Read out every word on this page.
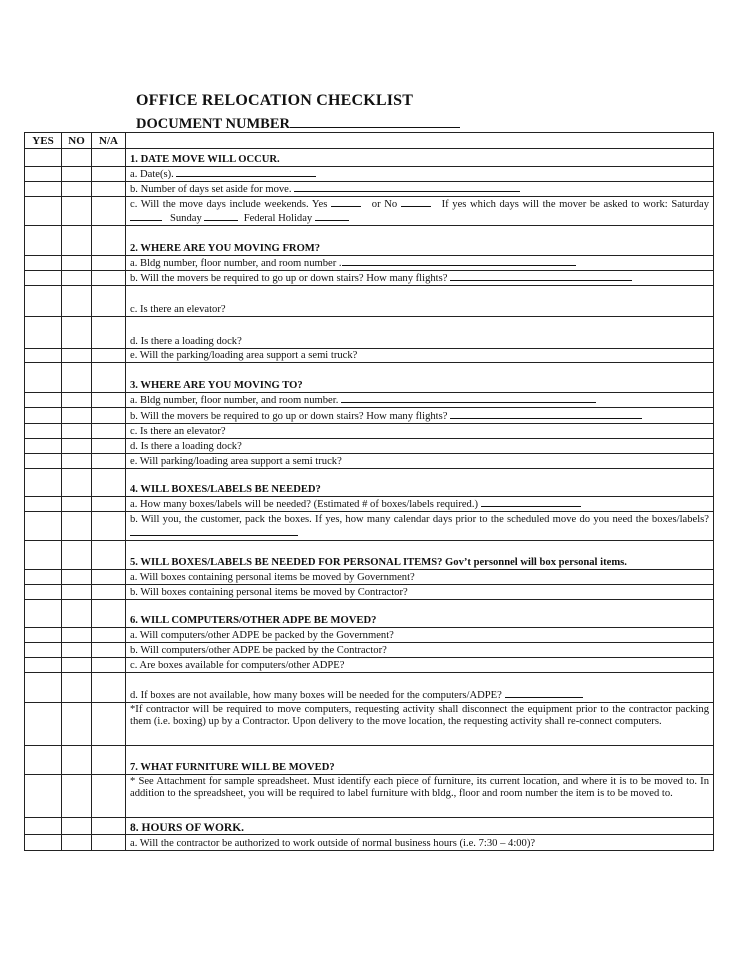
OFFICE RELOCATION CHECKLIST
DOCUMENT NUMBER
YES	NO	N/A	
			1. DATE MOVE WILL OCCUR.
			a. Date(s).
			b. Number of days set aside for move.
			c. Will the move days include weekends. Yes or No If yes which days will the mover be asked to work: Saturday    Sunday Federal Holiday
			2. WHERE ARE YOU MOVING FROM?
			a. Bldg number, floor number, and room number .
			b. Will the movers be required to go up or down stairs? How many flights?
			c. Is there an elevator?
			d. Is there a loading dock?
			e. Will the parking/loading area support a semi truck?
			3. WHERE ARE YOU MOVING TO?
			a. Bldg number, floor number, and room number.
			b. Will the movers be required to go up or down stairs? How many flights?
			c. Is there an elevator?
			d. Is there a loading dock?
			e. Will parking/loading area support a semi truck?
			4. WILL BOXES/LABELS BE NEEDED?
			a. How many boxes/labels will be needed? (Estimated # of boxes/labels required.)
			b. Will you, the customer, pack the boxes. If yes, how many calendar days prior to the scheduled move do you need the boxes/labels?
			5. WILL BOXES/LABELS BE NEEDED FOR PERSONAL ITEMS? Gov’t personnel will box personal items.
			a. Will boxes containing personal items be moved by Government?
			b. Will boxes containing personal items be moved by Contractor?
			6. WILL COMPUTERS/OTHER ADPE BE MOVED?
			a. Will computers/other ADPE be packed by the Government?
			b. Will computers/other ADPE be packed by the Contractor?
			c. Are boxes available for computers/other ADPE?
			d. If boxes are not available, how many boxes will be needed for the computers/ADPE?
			*If contractor will be required to move computers, requesting activity shall disconnect the equipment prior to the contractor packing them (i.e. boxing) up by a Contractor. Upon delivery to the move location, the requesting activity shall re-connect computers.
			7. WHAT FURNITURE WILL BE MOVED?
			* See Attachment for sample spreadsheet. Must identify each piece of furniture, its current location, and where it is to be moved to. In addition to the spreadsheet, you will be required to label furniture with bldg., floor and room number the item is to be moved to.
			8. HOURS OF WORK.
			a. Will the contractor be authorized to work outside of normal business hours (i.e. 7:30 – 4:00)?
